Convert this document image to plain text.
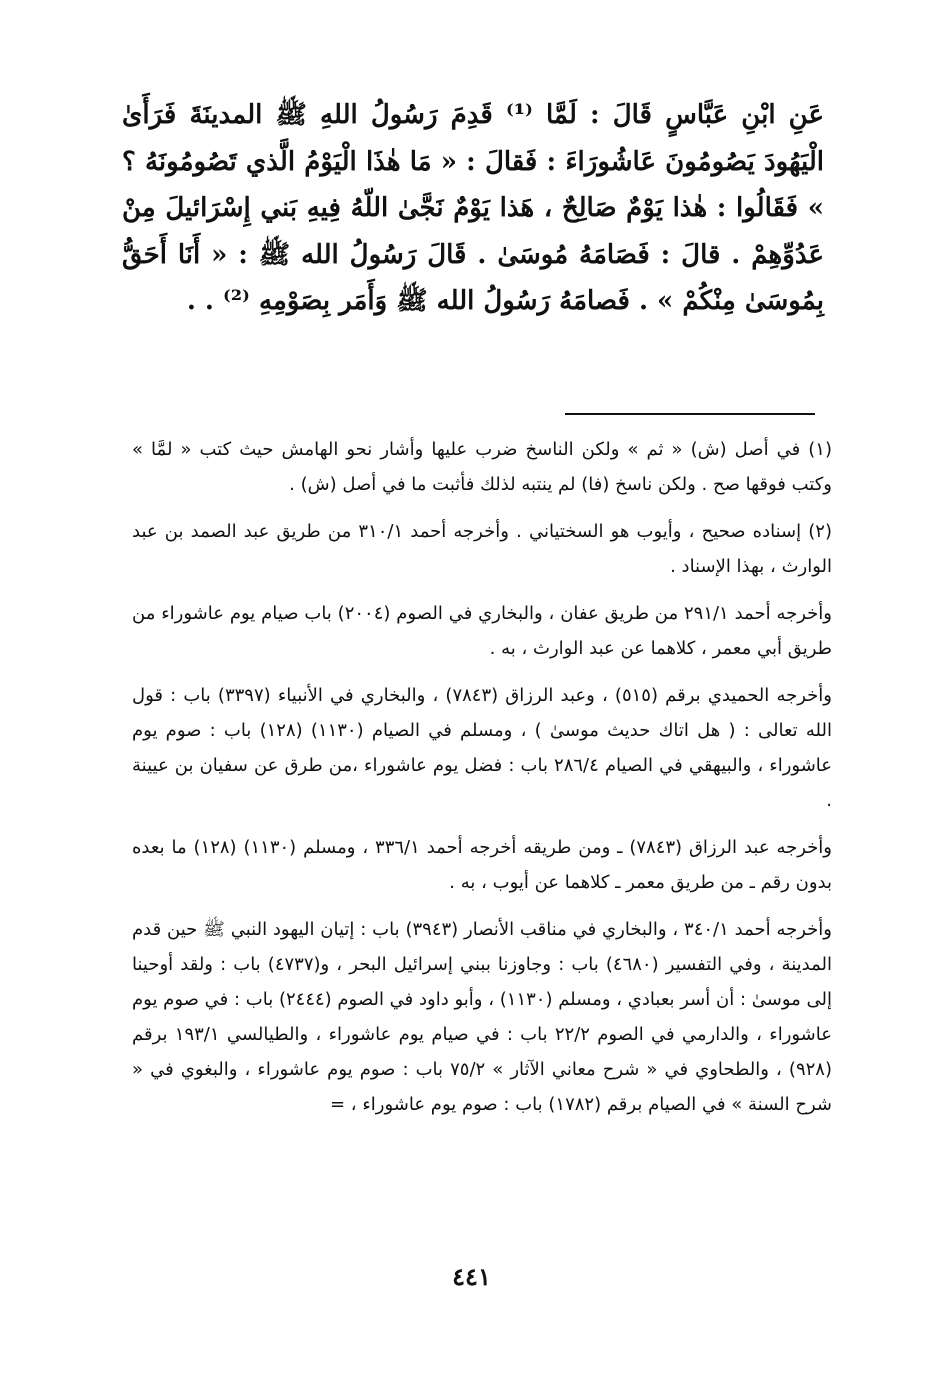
عَنِ ابْنِ عَبَّاسٍ قَالَ : لَمَّا ⁽¹⁾ قَدِمَ رَسُولُ اللهِ ﷺ المدينَةَ فَرَأَىٰ الْيَهُودَ يَصُومُونَ عَاشُورَاءَ : فَقالَ : « مَا هٰذَا الْيَوْمُ الَّذي تَصُومُونَهُ ؟ » فَقَالُوا : هٰذا يَوْمٌ صَالِحٌ ، هَذا يَوْمٌ نَجَّىٰ اللّهُ فِيهِ بَني إِسْرَائيلَ مِنْ عَدُوِّهِمْ . قالَ : فَصَامَهُ مُوسَىٰ . قَالَ رَسُولُ الله ﷺ : « أَنَا أَحَقُّ بِمُوسَىٰ مِنْكُمْ » . فَصامَهُ رَسُولُ الله ﷺ وَأَمَر بِصَوْمِهِ ⁽²⁾ . .

(١) في أصل (ش) « ثم » ولكن الناسخ ضرب عليها وأشار نحو الهامش حيث كتب « لمَّا » وكتب فوقها صح . ولكن ناسخ (فا) لم ينتبه لذلك فأثبت ما في أصل (ش) .

(٢) إسناده صحيح ، وأيوب هو السختياني . وأخرجه أحمد ٣١٠/١ من طريق عبد الصمد بن عبد الوارث ، بهذا الإسناد .

وأخرجه أحمد ٢٩١/١ من طريق عفان ، والبخاري في الصوم (٢٠٠٤) باب صيام يوم عاشوراء من طريق أبي معمر ، كلاهما عن عبد الوارث ، به .

وأخرجه الحميدي برقم (٥١٥) ، وعبد الرزاق (٧٨٤٣) ، والبخاري في الأنبياء (٣٣٩٧) باب : قول الله تعالى : ( هل اتاك حديث موسىٰ ) ، ومسلم في الصيام (١١٣٠) (١٢٨) باب : صوم يوم عاشوراء ، والبيهقي في الصيام ٢٨٦/٤ باب : فضل يوم عاشوراء ،من طرق عن سفيان بن عيينة .

وأخرجه عبد الرزاق (٧٨٤٣) ـ ومن طريقه أخرجه أحمد ٣٣٦/١ ، ومسلم (١١٣٠) (١٢٨) ما بعده بدون رقم ـ من طريق معمر ـ كلاهما عن أيوب ، به .

وأخرجه أحمد ٣٤٠/١ ، والبخاري في مناقب الأنصار (٣٩٤٣) باب : إتيان اليهود النبي ﷺ حين قدم المدينة ، وفي التفسير (٤٦٨٠) باب : وجاوزنا ببني إسرائيل البحر ، و(٤٧٣٧) باب : ولقد أوحينا إلى موسىٰ : أن أسر بعبادي ، ومسلم (١١٣٠) ، وأبو داود في الصوم (٢٤٤٤) باب : في صوم يوم عاشوراء ، والدارمي في الصوم ٢٢/٢ باب : في صيام يوم عاشوراء ، والطيالسي ١٩٣/١ برقم (٩٢٨) ، والطحاوي في « شرح معاني الآثار » ٧٥/٢ باب : صوم يوم عاشوراء ، والبغوي في « شرح السنة » في الصيام برقم (١٧٨٢) باب : صوم يوم عاشوراء ، =

٤٤١
